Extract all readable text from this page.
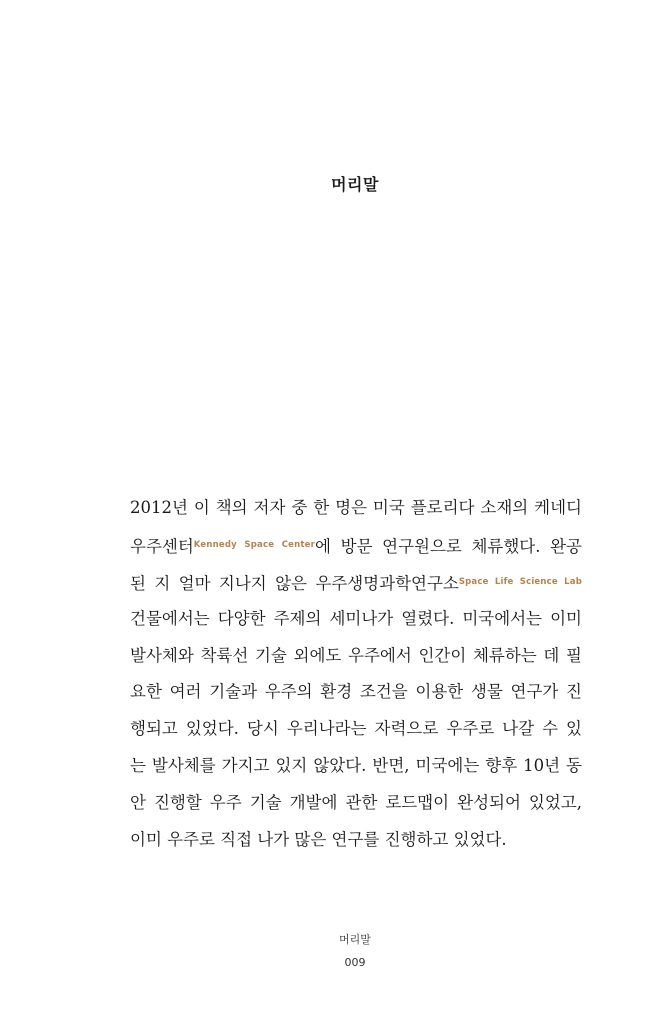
머리말
2012년 이 책의 저자 중 한 명은 미국 플로리다 소재의 케네디
우주센터$^{Kennedy Space Center}$에 방문 연구원으로 체류했다. 완공
된 지 얼마 지나지 않은 우주생명과학연구소$^{Space Life Science Lab}$
건물에서는 다양한 주제의 세미나가 열렸다. 미국에서는 이미
발사체와 착륙선 기술 외에도 우주에서 인간이 체류하는 데 필
요한 여러 기술과 우주의 환경 조건을 이용한 생물 연구가 진
행되고 있었다. 당시 우리나라는 자력으로 우주로 나갈 수 있
는 발사체를 가지고 있지 않았다. 반면, 미국에는 향후 10년 동
안 진행할 우주 기술 개발에 관한 로드맵이 완성되어 있었고,
이미 우주로 직접 나가 많은 연구를 진행하고 있었다.
머리말
009
